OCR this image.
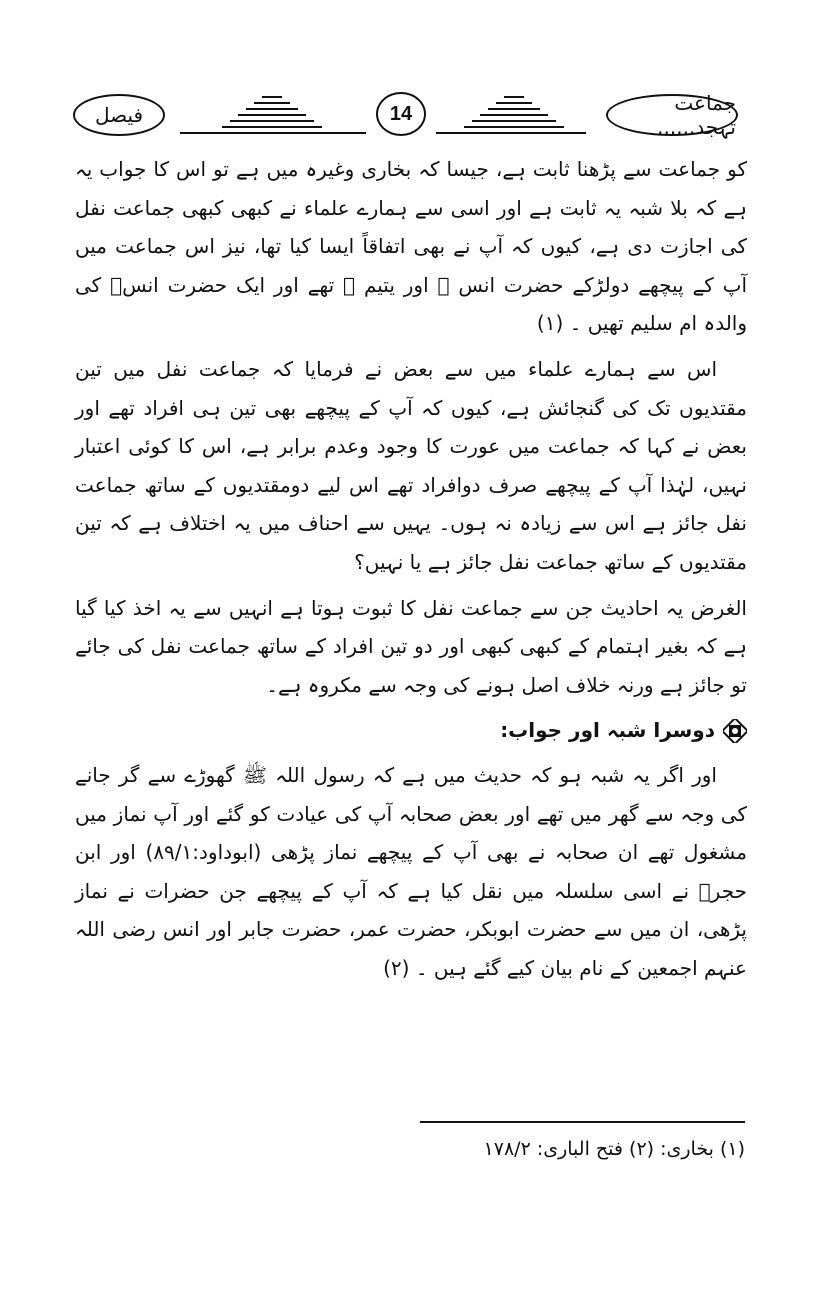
جماعت تہجد......
14
فیصل

کو جماعت سے پڑھنا ثابت ہے، جیسا کہ بخاری وغیرہ میں ہے تو اس کا جواب یہ ہے کہ بلا شبہ یہ ثابت ہے اور اسی سے ہمارے علماء نے کبھی کبھی جماعت نفل کی اجازت دی ہے، کیوں کہ آپ نے بھی اتفاقاً ایسا کیا تھا، نیز اس جماعت میں آپ کے پیچھے دولڑکے حضرت انس ؓ اور یتیم ؓ تھے اور ایک حضرت انسؓ کی والدہ ام سلیم تھیں ۔ (۱)

اس سے ہمارے علماء میں سے بعض نے فرمایا کہ جماعت نفل میں تین مقتدیوں تک کی گنجائش ہے، کیوں کہ آپ کے پیچھے بھی تین ہی افراد تھے اور بعض نے کہا کہ جماعت میں عورت کا وجود وعدم برابر ہے، اس کا کوئی اعتبار نہیں، لہٰذا آپ کے پیچھے صرف دوافراد تھے اس لیے دومقتدیوں کے ساتھ جماعت نفل جائز ہے اس سے زیادہ نہ ہوں۔ یہیں سے احناف میں یہ اختلاف ہے کہ تین مقتدیوں کے ساتھ جماعت نفل جائز ہے یا نہیں؟

الغرض یہ احادیث جن سے جماعت نفل کا ثبوت ہوتا ہے انہیں سے یہ اخذ کیا گیا ہے کہ بغیر اہتمام کے کبھی کبھی اور دو تین افراد کے ساتھ جماعت نفل کی جائے تو جائز ہے ورنہ خلاف اصل ہونے کی وجہ سے مکروہ ہے۔

دوسرا شبہ اور جواب:

اور اگر یہ شبہ ہو کہ حدیث میں ہے کہ رسول اللہ ﷺ گھوڑے سے گر جانے کی وجہ سے گھر میں تھے اور بعض صحابہ آپ کی عیادت کو گئے اور آپ نماز میں مشغول تھے ان صحابہ نے بھی آپ کے پیچھے نماز پڑھی (ابوداود:۸۹/۱) اور ابن حجرؒ نے اسی سلسلہ میں نقل کیا ہے کہ آپ کے پیچھے جن حضرات نے نماز پڑھی، ان میں سے حضرت ابوبکر، حضرت عمر، حضرت جابر اور انس رضی اللہ عنہم اجمعین کے نام بیان کیے گئے ہیں ۔ (۲)

(۱) بخاری: (۲) فتح الباری: ۱۷۸/۲
